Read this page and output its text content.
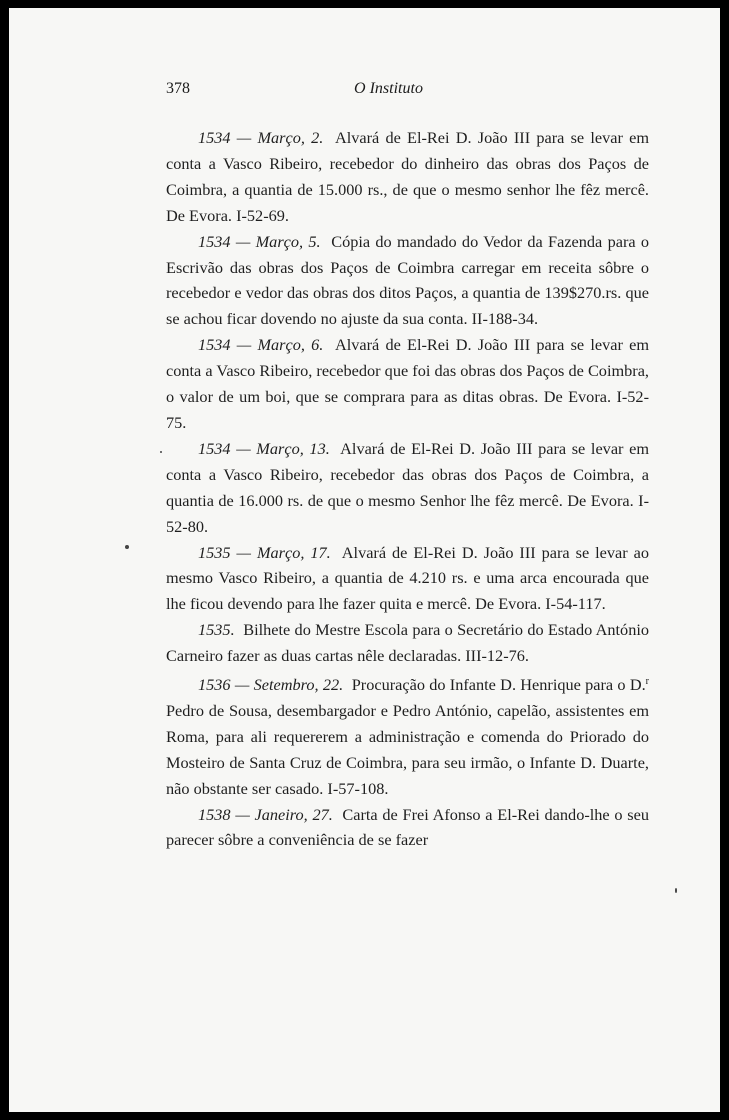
378	O Instituto

1534 — Março, 2. Alvará de El-Rei D. João III para se levar em conta a Vasco Ribeiro, recebedor do dinheiro das obras dos Paços de Coimbra, a quantia de 15.000 rs., de que o mesmo senhor lhe fêz mercê. De Evora. I-52-69.

1534 — Março, 5. Cópia do mandado do Vedor da Fazenda para o Escrivão das obras dos Paços de Coimbra carregar em receita sôbre o recebedor e vedor das obras dos ditos Paços, a quantia de 139$270.rs. que se achou ficar dovendo no ajuste da sua conta. II-188-34.

1534 — Março, 6. Alvará de El-Rei D. João III para se levar em conta a Vasco Ribeiro, recebedor que foi das obras dos Paços de Coimbra, o valor de um boi, que se comprara para as ditas obras. De Evora. I-52-75.

1534 — Março, 13. Alvará de El-Rei D. João III para se levar em conta a Vasco Ribeiro, recebedor das obras dos Paços de Coimbra, a quantia de 16.000 rs. de que o mesmo Senhor lhe fêz mercê. De Evora. I-52-80.

1535 — Março, 17. Alvará de El-Rei D. João III para se levar ao mesmo Vasco Ribeiro, a quantia de 4.210 rs. e uma arca encourada que lhe ficou devendo para lhe fazer quita e mercê. De Evora. I-54-117.

1535. Bilhete do Mestre Escola para o Secretário do Estado António Carneiro fazer as duas cartas nêle declaradas. III-12-76.

1536 — Setembro, 22. Procuração do Infante D. Henrique para o D.$^r$ Pedro de Sousa, desembargador e Pedro António, capelão, assistentes em Roma, para ali requererem a administração e comenda do Priorado do Mosteiro de Santa Cruz de Coimbra, para seu irmão, o Infante D. Duarte, não obstante ser casado. I-57-108.

1538 — Janeiro, 27. Carta de Frei Afonso a El-Rei dando-lhe o seu parecer sôbre a conveniência de se fazer
